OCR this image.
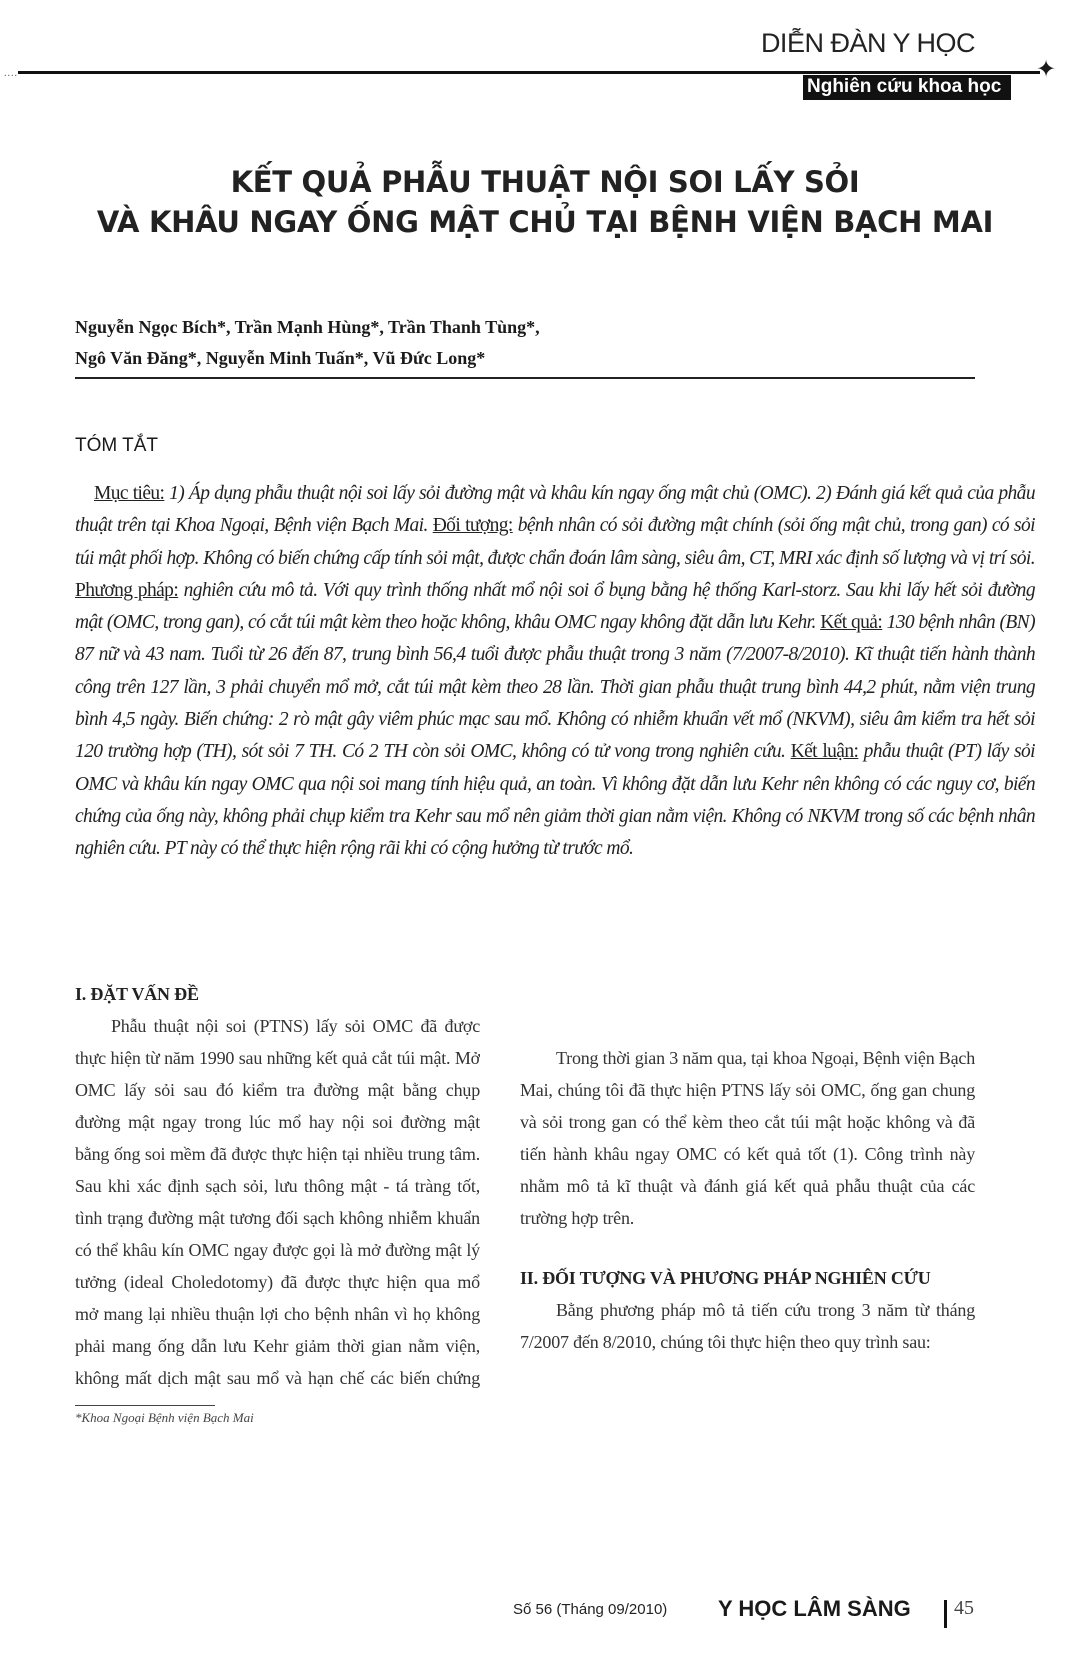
....
DIỄN ĐÀN Y HỌC
✦
Nghiên cứu khoa học
KẾT QUẢ PHẪU THUẬT NỘI SOI LẤY SỎI
VÀ KHÂU NGAY ỐNG MẬT CHỦ TẠI BỆNH VIỆN BẠCH MAI
Nguyễn Ngọc Bích*, Trần Mạnh Hùng*, Trần Thanh Tùng*,
Ngô Văn Đăng*, Nguyễn Minh Tuấn*, Vũ Đức Long*
TÓM TẮT

Mục tiêu: 1) Áp dụng phẫu thuật nội soi lấy sỏi đường mật và khâu kín ngay ống mật chủ (OMC). 2) Đánh giá kết quả của phẫu thuật trên tại Khoa Ngoại, Bệnh viện Bạch Mai. Đối tượng: bệnh nhân có sỏi đường mật chính (sỏi ống mật chủ, trong gan) có sỏi túi mật phối hợp. Không có biến chứng cấp tính sỏi mật, được chẩn đoán lâm sàng, siêu âm, CT, MRI xác định số lượng và vị trí sỏi. Phương pháp: nghiên cứu mô tả. Với quy trình thống nhất mổ nội soi ổ bụng bằng hệ thống Karl-storz. Sau khi lấy hết sỏi đường mật (OMC, trong gan), có cắt túi mật kèm theo hoặc không, khâu OMC ngay không đặt dẫn lưu Kehr. Kết quả: 130 bệnh nhân (BN) 87 nữ và 43 nam. Tuổi từ 26 đến 87, trung bình 56,4 tuổi được phẫu thuật trong 3 năm (7/2007-8/2010). Kĩ thuật tiến hành thành công trên 127 lần, 3 phải chuyển mổ mở, cắt túi mật kèm theo 28 lần. Thời gian phẫu thuật trung bình 44,2 phút, nằm viện trung bình 4,5 ngày. Biến chứng: 2 rò mật gây viêm phúc mạc sau mổ. Không có nhiễm khuẩn vết mổ (NKVM), siêu âm kiểm tra hết sỏi 120 trường hợp (TH), sót sỏi 7 TH. Có 2 TH còn sỏi OMC, không có tử vong trong nghiên cứu. Kết luận: phẫu thuật (PT) lấy sỏi OMC và khâu kín ngay OMC qua nội soi mang tính hiệu quả, an toàn. Vì không đặt dẫn lưu Kehr nên không có các nguy cơ, biến chứng của ống này, không phải chụp kiểm tra Kehr sau mổ nên giảm thời gian nằm viện. Không có NKVM trong số các bệnh nhân nghiên cứu. PT này có thể thực hiện rộng rãi khi có cộng hưởng từ trước mổ.

I. ĐẶT VẤN ĐỀ

Phẫu thuật nội soi (PTNS) lấy sỏi OMC đã được thực hiện từ năm 1990 sau những kết quả cắt túi mật. Mở OMC lấy sỏi sau đó kiểm tra đường mật bằng chụp đường mật ngay trong lúc mổ hay nội soi đường mật bằng ống soi mềm đã được thực hiện tại nhiều trung tâm. Sau khi xác định sạch sỏi, lưu thông mật - tá tràng tốt, tình trạng đường mật tương đối sạch không nhiễm khuẩn có thể khâu kín OMC ngay được gọi là mở đường mật lý tưởng (ideal Choledotomy) đã được thực hiện qua mổ mở mang lại nhiều thuận lợi cho bệnh nhân vì họ không phải mang ống dẫn lưu Kehr giảm thời gian nằm viện, không mất dịch mật sau mổ và hạn chế các biến chứng

Trong thời gian 3 năm qua, tại khoa Ngoại, Bệnh viện Bạch Mai, chúng tôi đã thực hiện PTNS lấy sỏi OMC, ống gan chung và sỏi trong gan có thể kèm theo cắt túi mật hoặc không và đã tiến hành khâu ngay OMC có kết quả tốt (1). Công trình này nhằm mô tả kĩ thuật và đánh giá kết quả phẫu thuật của các trường hợp trên.

II. ĐỐI TƯỢNG VÀ PHƯƠNG PHÁP NGHIÊN CỨU

Bằng phương pháp mô tả tiến cứu trong 3 năm từ tháng 7/2007 đến 8/2010, chúng tôi thực hiện theo quy trình sau:

*Khoa Ngoại Bệnh viện Bạch Mai
Số 56 (Tháng 09/2010) Y HỌC LÂM SÀNG 45
